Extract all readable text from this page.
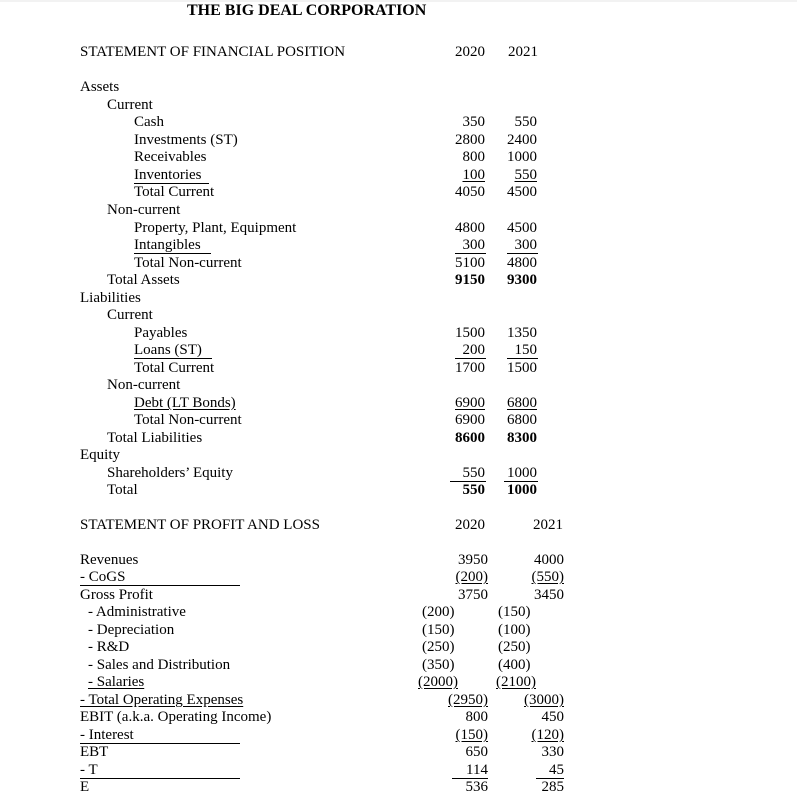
THE BIG DEAL CORPORATION
STATEMENT OF FINANCIAL POSITION	2020 2021
Assets
Current
Cash	350	550
Investments (ST)	2800	2400
Receivables	800	1000
Inventories	100	550
Total Current	4050	4500
Non-current
Property, Plant, Equipment	4800	4500
Intangibles	300	300
Total Non-current	5100	4800
Total Assets	9150	9300
Liabilities
Current
Payables	1500	1350
Loans (ST)	200	150
Total Current	1700	1500
Non-current
Debt (LT Bonds)	6900	6800
Total Non-current	6900	6800
Total Liabilities	8600	8300
Equity
Shareholders’ Equity	550	1000
Total	550	1000
STATEMENT OF PROFIT AND LOSS	2020	2021
Revenues	3950	4000
- CoGS	(200)	(550)
Gross Profit	3750	3450
- Administrative	(200)	(150)
- Depreciation	(150)	(100)
- R&D	(250)	(250)
- Sales and Distribution	(350)	(400)
- Salaries	(2000)	(2100)
- Total Operating Expenses	(2950)	(3000)
EBIT (a.k.a. Operating Income)	800	450
- Interest	(150)	(120)
EBT	650	330
- T	114	45
E	536	285
